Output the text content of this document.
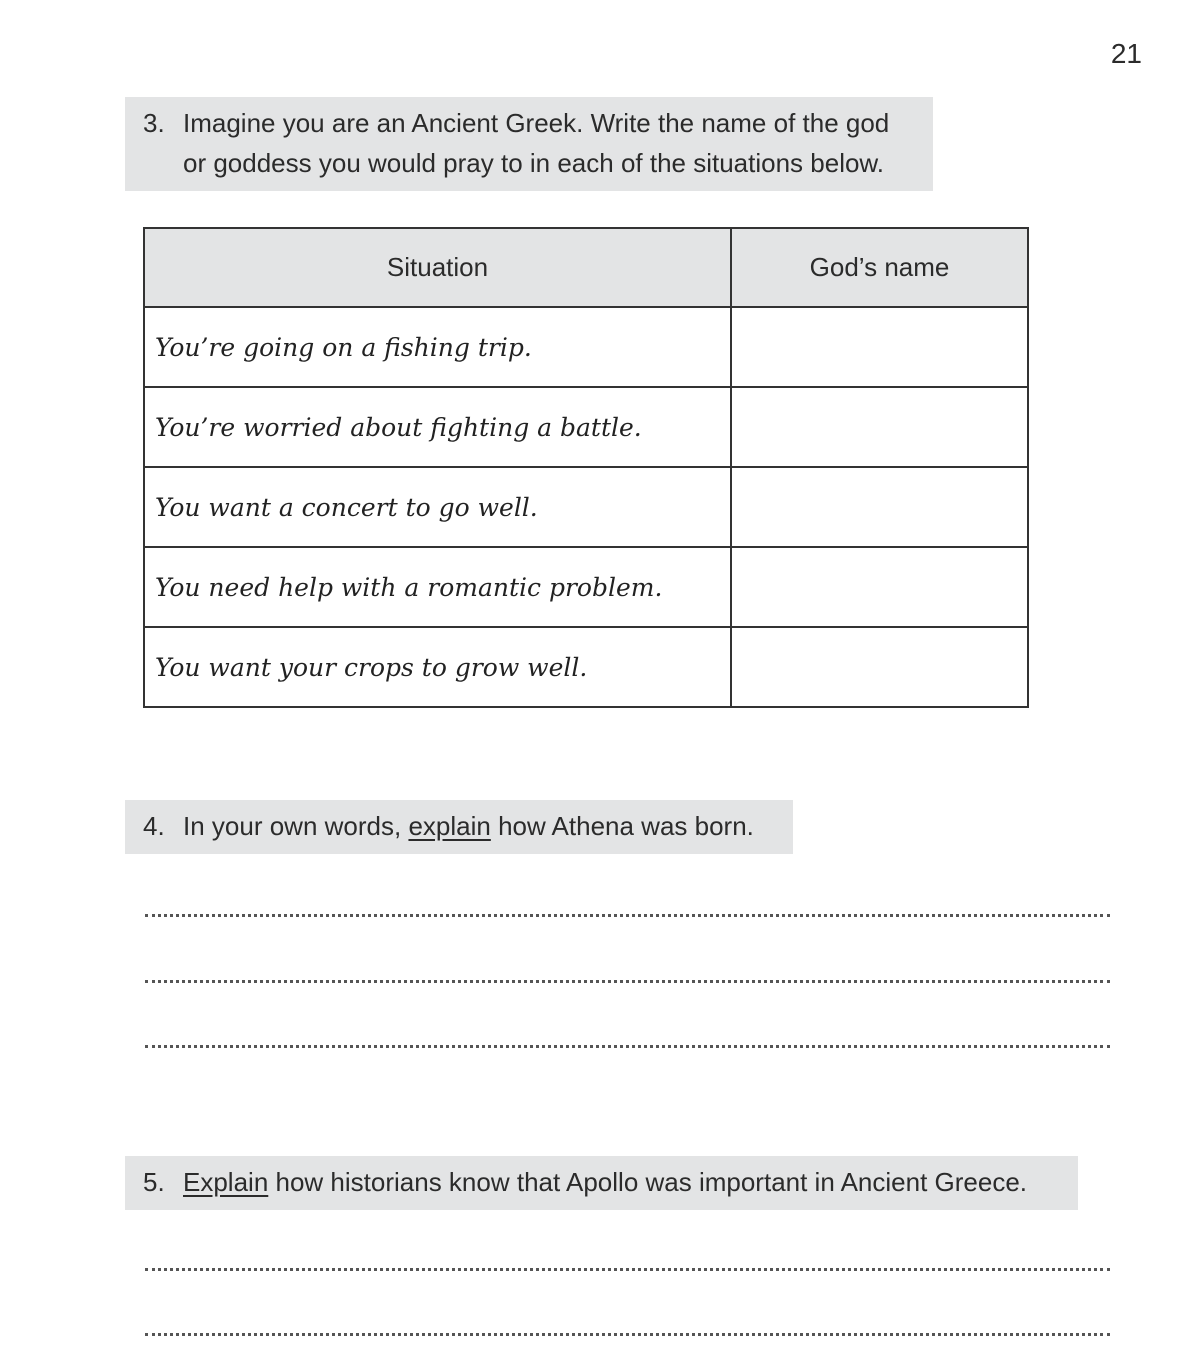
21
3. Imagine you are an Ancient Greek. Write the name of the god
or goddess you would pray to in each of the situations below.
Situation	God’s name
You’re going on a fishing trip.	
You’re worried about fighting a battle.	
You want a concert to go well.	
You need help with a romantic problem.	
You want your crops to grow well.	
4. In your own words, explain how Athena was born.
5. Explain how historians know that Apollo was important in Ancient Greece.
